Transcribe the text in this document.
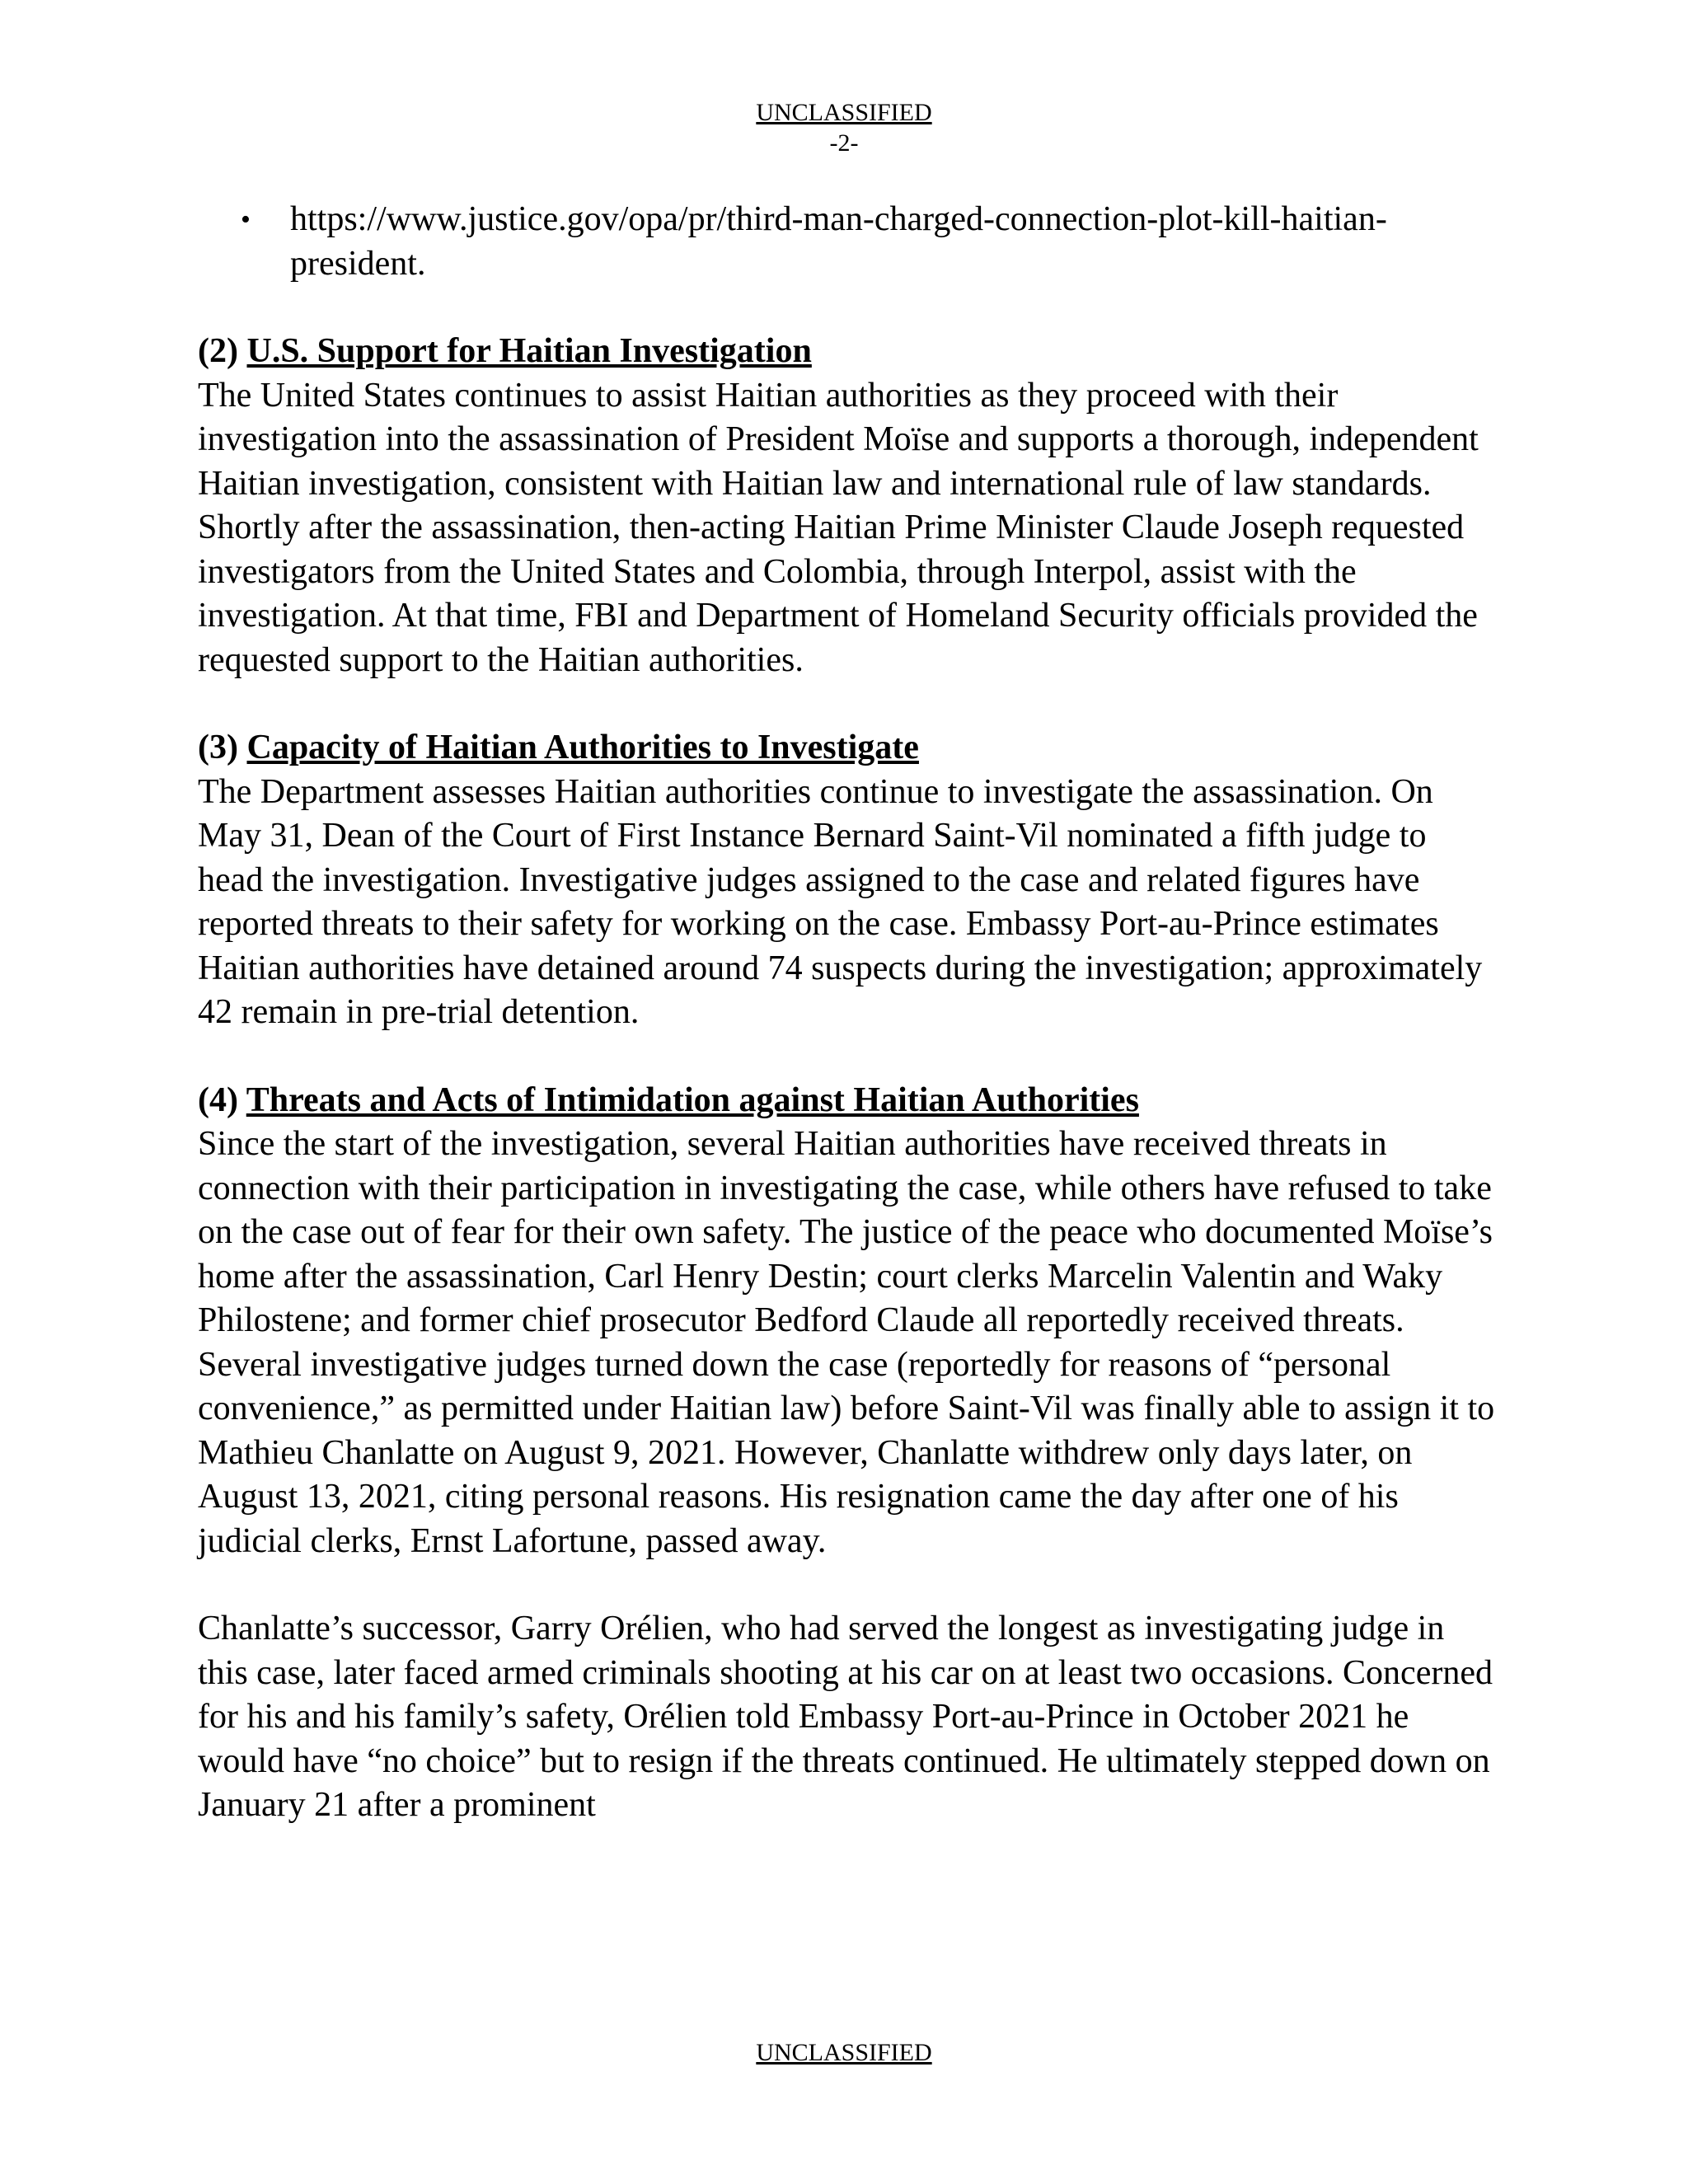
UNCLASSIFIED
-2-
• https://www.justice.gov/opa/pr/third-man-charged-connection-plot-kill-haitian-president.

(2) U.S. Support for Haitian Investigation

The United States continues to assist Haitian authorities as they proceed with their investigation into the assassination of President Moïse and supports a thorough, independent Haitian investigation, consistent with Haitian law and international rule of law standards. Shortly after the assassination, then-acting Haitian Prime Minister Claude Joseph requested investigators from the United States and Colombia, through Interpol, assist with the investigation. At that time, FBI and Department of Homeland Security officials provided the requested support to the Haitian authorities.

(3) Capacity of Haitian Authorities to Investigate

The Department assesses Haitian authorities continue to investigate the assassination. On May 31, Dean of the Court of First Instance Bernard Saint-Vil nominated a fifth judge to head the investigation. Investigative judges assigned to the case and related figures have reported threats to their safety for working on the case. Embassy Port-au-Prince estimates Haitian authorities have detained around 74 suspects during the investigation; approximately 42 remain in pre-trial detention.

(4) Threats and Acts of Intimidation against Haitian Authorities

Since the start of the investigation, several Haitian authorities have received threats in connection with their participation in investigating the case, while others have refused to take on the case out of fear for their own safety. The justice of the peace who documented Moïse’s home after the assassination, Carl Henry Destin; court clerks Marcelin Valentin and Waky Philostene; and former chief prosecutor Bedford Claude all reportedly received threats. Several investigative judges turned down the case (reportedly for reasons of “personal convenience,” as permitted under Haitian law) before Saint-Vil was finally able to assign it to Mathieu Chanlatte on August 9, 2021. However, Chanlatte withdrew only days later, on August 13, 2021, citing personal reasons. His resignation came the day after one of his judicial clerks, Ernst Lafortune, passed away.

Chanlatte’s successor, Garry Orélien, who had served the longest as investigating judge in this case, later faced armed criminals shooting at his car on at least two occasions. Concerned for his and his family’s safety, Orélien told Embassy Port-au-Prince in October 2021 he would have “no choice” but to resign if the threats continued. He ultimately stepped down on January 21 after a prominent

UNCLASSIFIED
